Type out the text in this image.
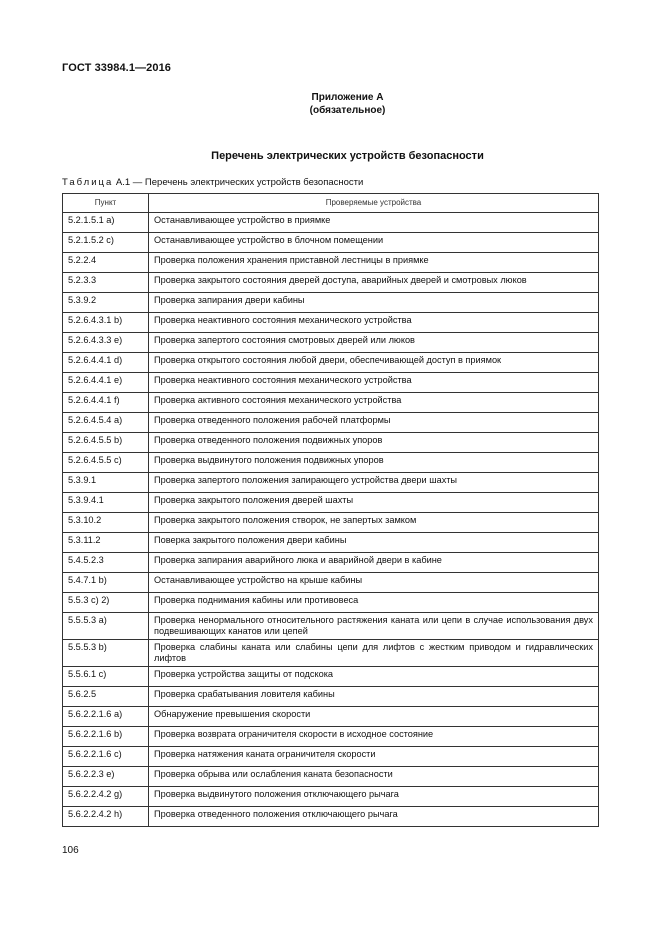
ГОСТ 33984.1—2016
Приложение А
(обязательное)
Перечень электрических устройств безопасности
Таблица А.1 — Перечень электрических устройств безопасности
Пункт	Проверяемые устройства
5.2.1.5.1 а)	Останавливающее устройство в приямке
5.2.1.5.2 c)	Останавливающее устройство в блочном помещении
5.2.2.4	Проверка положения хранения приставной лестницы в приямке
5.2.3.3	Проверка закрытого состояния дверей доступа, аварийных дверей и смотровых люков
5.3.9.2	Проверка запирания двери кабины
5.2.6.4.3.1 b)	Проверка неактивного состояния механического устройства
5.2.6.4.3.3 e)	Проверка запертого состояния смотровых дверей или люков
5.2.6.4.4.1 d)	Проверка открытого состояния любой двери, обеспечивающей доступ в приямок
5.2.6.4.4.1 e)	Проверка неактивного состояния механического устройства
5.2.6.4.4.1 f)	Проверка активного состояния механического устройства
5.2.6.4.5.4 a)	Проверка отведенного положения рабочей платформы
5.2.6.4.5.5 b)	Проверка отведенного положения подвижных упоров
5.2.6.4.5.5 c)	Проверка выдвинутого положения подвижных упоров
5.3.9.1	Проверка запертого положения запирающего устройства двери шахты
5.3.9.4.1	Проверка закрытого положения дверей шахты
5.3.10.2	Проверка закрытого положения створок, не запертых замком
5.3.11.2	Поверка закрытого положения двери кабины
5.4.5.2.3	Проверка запирания аварийного люка и аварийной двери в кабине
5.4.7.1 b)	Останавливающее устройство на крыше кабины
5.5.3 c) 2)	Проверка поднимания кабины или противовеса
5.5.5.3 a)	Проверка ненормального относительного растяжения каната или цепи в случае использования двух подвешивающих канатов или цепей
5.5.5.3 b)	Проверка слабины каната или слабины цепи для лифтов с жестким приводом и гидравлических лифтов
5.5.6.1 c)	Проверка устройства защиты от подскока
5.6.2.5	Проверка срабатывания ловителя кабины
5.6.2.2.1.6 a)	Обнаружение превышения скорости
5.6.2.2.1.6 b)	Проверка возврата ограничителя скорости в исходное состояние
5.6.2.2.1.6 c)	Проверка натяжения каната ограничителя скорости
5.6.2.2.3 e)	Проверка обрыва или ослабления каната безопасности
5.6.2.2.4.2 g)	Проверка выдвинутого положения отключающего рычага
5.6.2.2.4.2 h)	Проверка отведенного положения отключающего рычага
106
